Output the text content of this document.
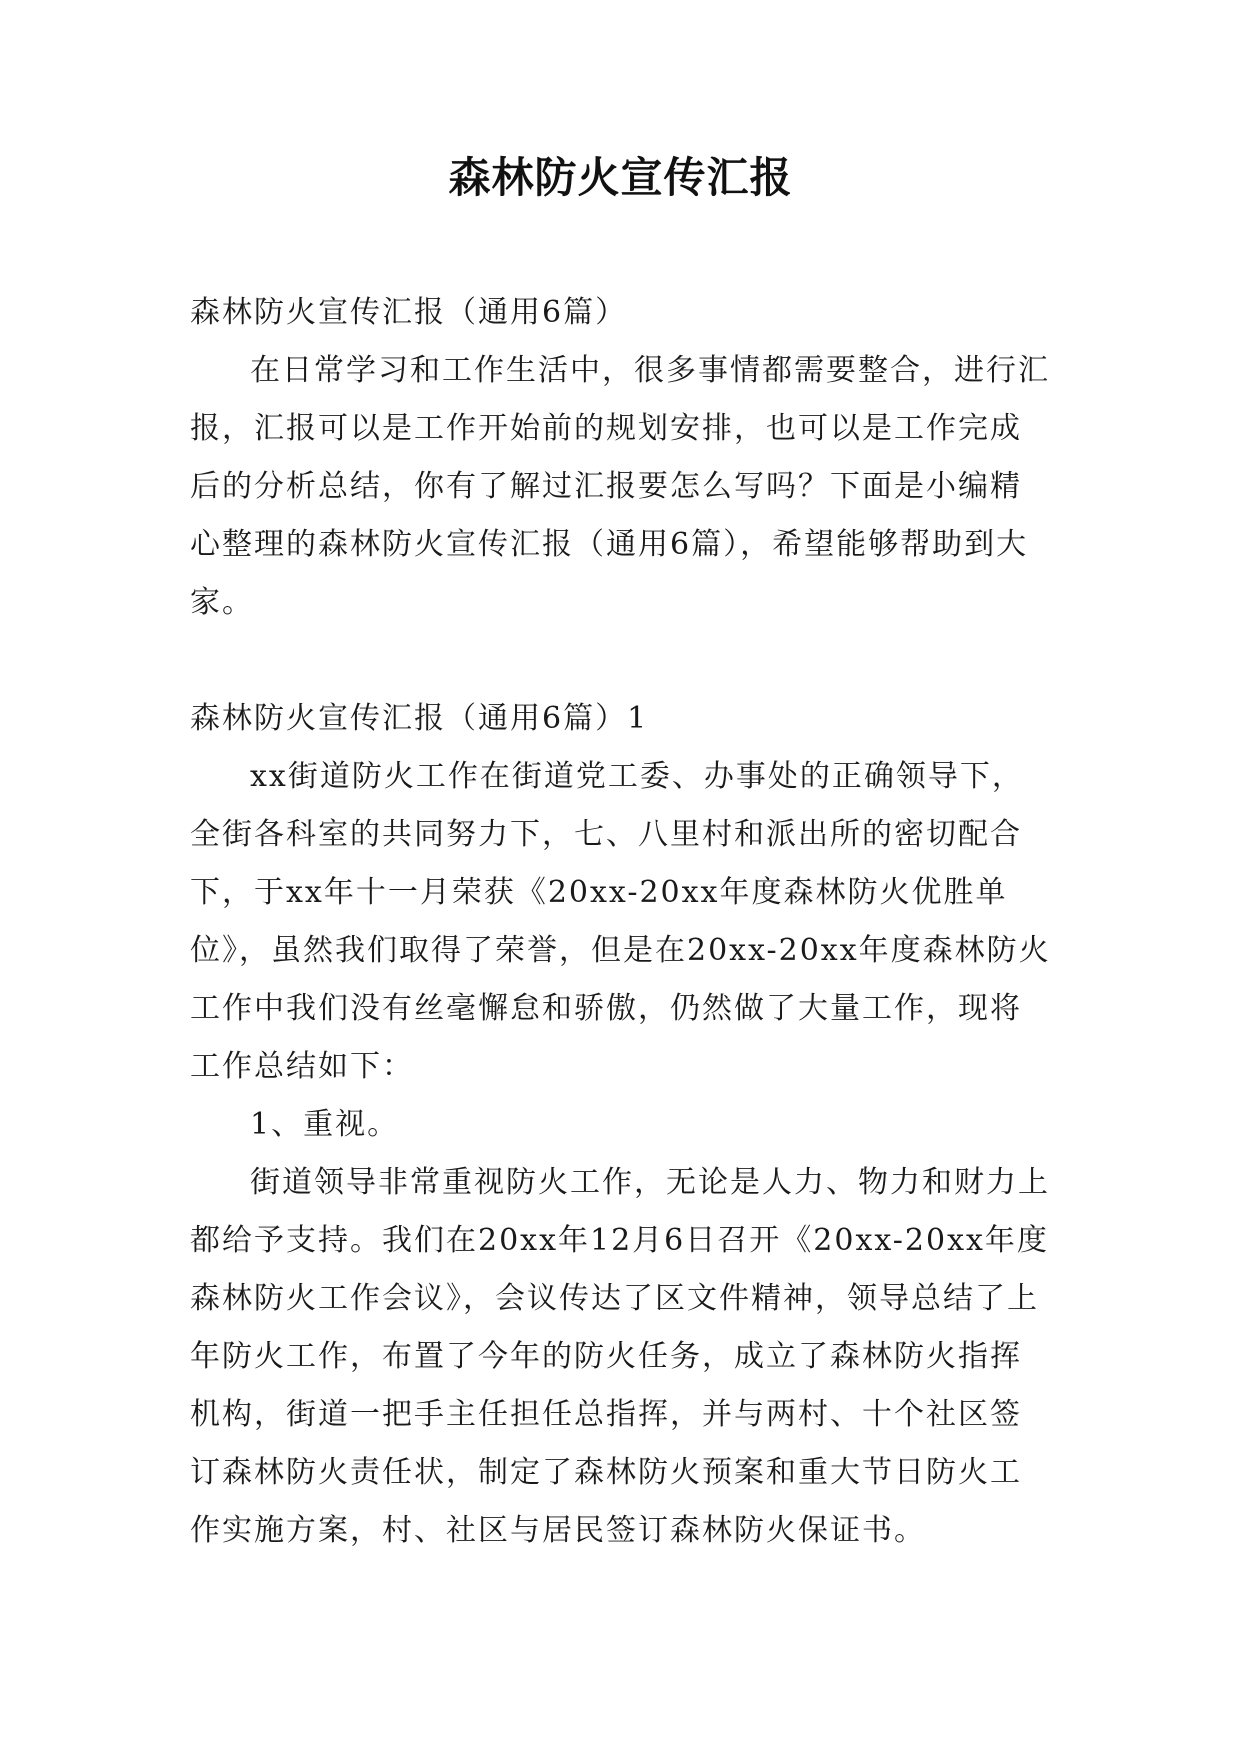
森林防火宣传汇报

森林防火宣传汇报（通用6篇）

在日常学习和工作生活中，很多事情都需要整合，进行汇报，汇报可以是工作开始前的规划安排，也可以是工作完成后的分析总结，你有了解过汇报要怎么写吗？下面是小编精心整理的森林防火宣传汇报（通用6篇），希望能够帮助到大家。

森林防火宣传汇报（通用6篇）1

xx街道防火工作在街道党工委、办事处的正确领导下，全街各科室的共同努力下，七、八里村和派出所的密切配合下，于xx年十一月荣获《20xx-20xx年度森林防火优胜单位》，虽然我们取得了荣誉，但是在20xx-20xx年度森林防火工作中我们没有丝毫懈怠和骄傲，仍然做了大量工作，现将工作总结如下：

1、重视。

街道领导非常重视防火工作，无论是人力、物力和财力上都给予支持。我们在20xx年12月6日召开《20xx-20xx年度森林防火工作会议》，会议传达了区文件精神，领导总结了上年防火工作，布置了今年的防火任务，成立了森林防火指挥机构，街道一把手主任担任总指挥，并与两村、十个社区签订森林防火责任状，制定了森林防火预案和重大节日防火工作实施方案，村、社区与居民签订森林防火保证书。
